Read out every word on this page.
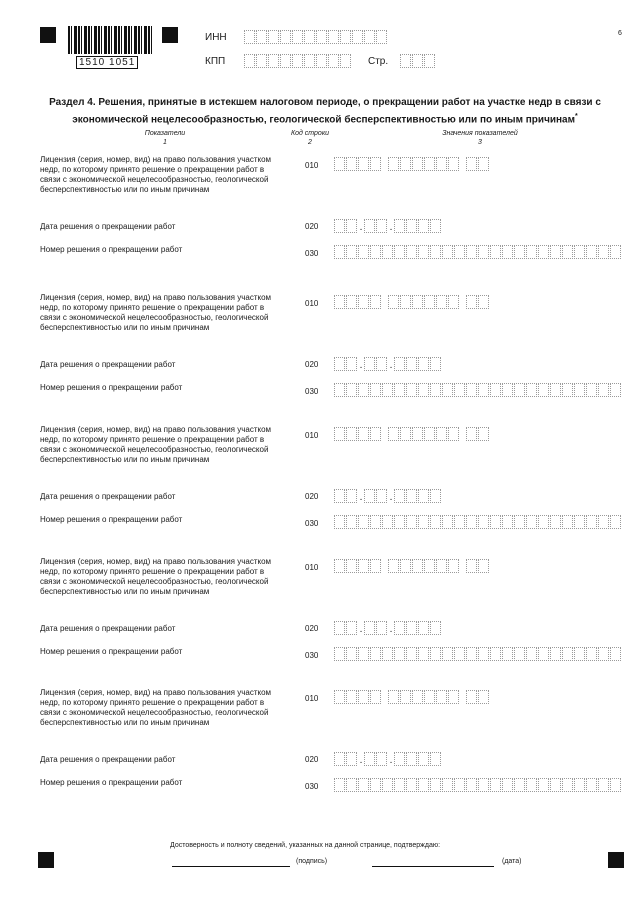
1510 1051
ИНН
КПП	Стр.
6
Раздел 4. Решения, принятые в истекшем налоговом периоде, о прекращении работ на участке недр в связи с
экономической нецелесообразностью, геологической бесперспективностью или по иным причинам*
Показатели
1
Код строки
2
Значения показателей
3
Лицензия (серия, номер, вид) на право пользования участком недр, по которому принято решение о прекращении работ в связи с экономической нецелесообразностью, геологической бесперспективностью или по иным причинам
010
Дата решения о прекращении работ	020	.	.
Номер решения о прекращении работ	030
Лицензия (серия, номер, вид) на право пользования участком недр, по которому принято решение о прекращении работ в связи с экономической нецелесообразностью, геологической бесперспективностью или по иным причинам
010
Дата решения о прекращении работ	020	.	.
Номер решения о прекращении работ	030
Лицензия (серия, номер, вид) на право пользования участком недр, по которому принято решение о прекращении работ в связи с экономической нецелесообразностью, геологической бесперспективностью или по иным причинам
010
Дата решения о прекращении работ	020	.	.
Номер решения о прекращении работ	030
Лицензия (серия, номер, вид) на право пользования участком недр, по которому принято решение о прекращении работ в связи с экономической нецелесообразностью, геологической бесперспективностью или по иным причинам
010
Дата решения о прекращении работ	020	.	.
Номер решения о прекращении работ	030
Лицензия (серия, номер, вид) на право пользования участком недр, по которому принято решение о прекращении работ в связи с экономической нецелесообразностью, геологической бесперспективностью или по иным причинам
010
Дата решения о прекращении работ	020	.	.
Номер решения о прекращении работ	030
Достоверность и полноту сведений, указанных на данной странице, подтверждаю:
(подпись)	(дата)
